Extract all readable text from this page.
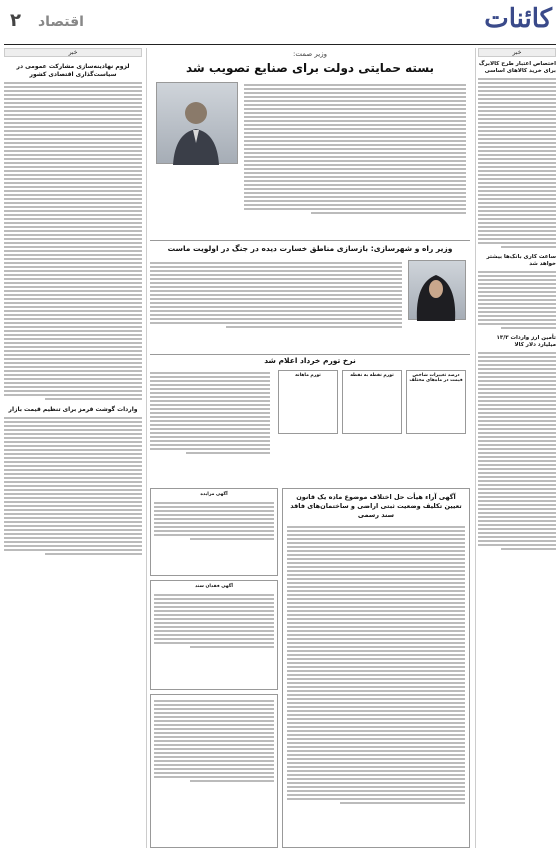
کائنات
۲ اقتصاد
خبر
اختصاص اعتبار طرح کالابرگ برای خرید کالاهای اساسی
ساعت کاری بانک‌ها بیشتر خواهد شد
تأمین ارز واردات ۱۳/۳ میلیارد دلار کالا
خبر
لزوم نهادینه‌سازی مشارکت عمومی در سیاست‌گذاری اقتصادی کشور
واردات گوشت قرمز برای تنظیم قیمت بازار
وزیر صمت:
بسته حمایتی دولت برای صنایع تصویب شد
وزیر راه و شهرسازی: بازسازی مناطق خسارت دیده در جنگ در اولویت ماست
نرخ تورم خرداد اعلام شد
درصد تغییرات شاخص قیمت در ماه‌های مختلف
تورم نقطه به نقطه
تورم ماهانه
آگهی مزایده
آگهی فقدان سند
آگهی آراء هیأت حل اختلاف موضوع ماده یک قانون تعیین تکلیف وضعیت ثبتی اراضی و ساختمان‌های فاقد سند رسمی
